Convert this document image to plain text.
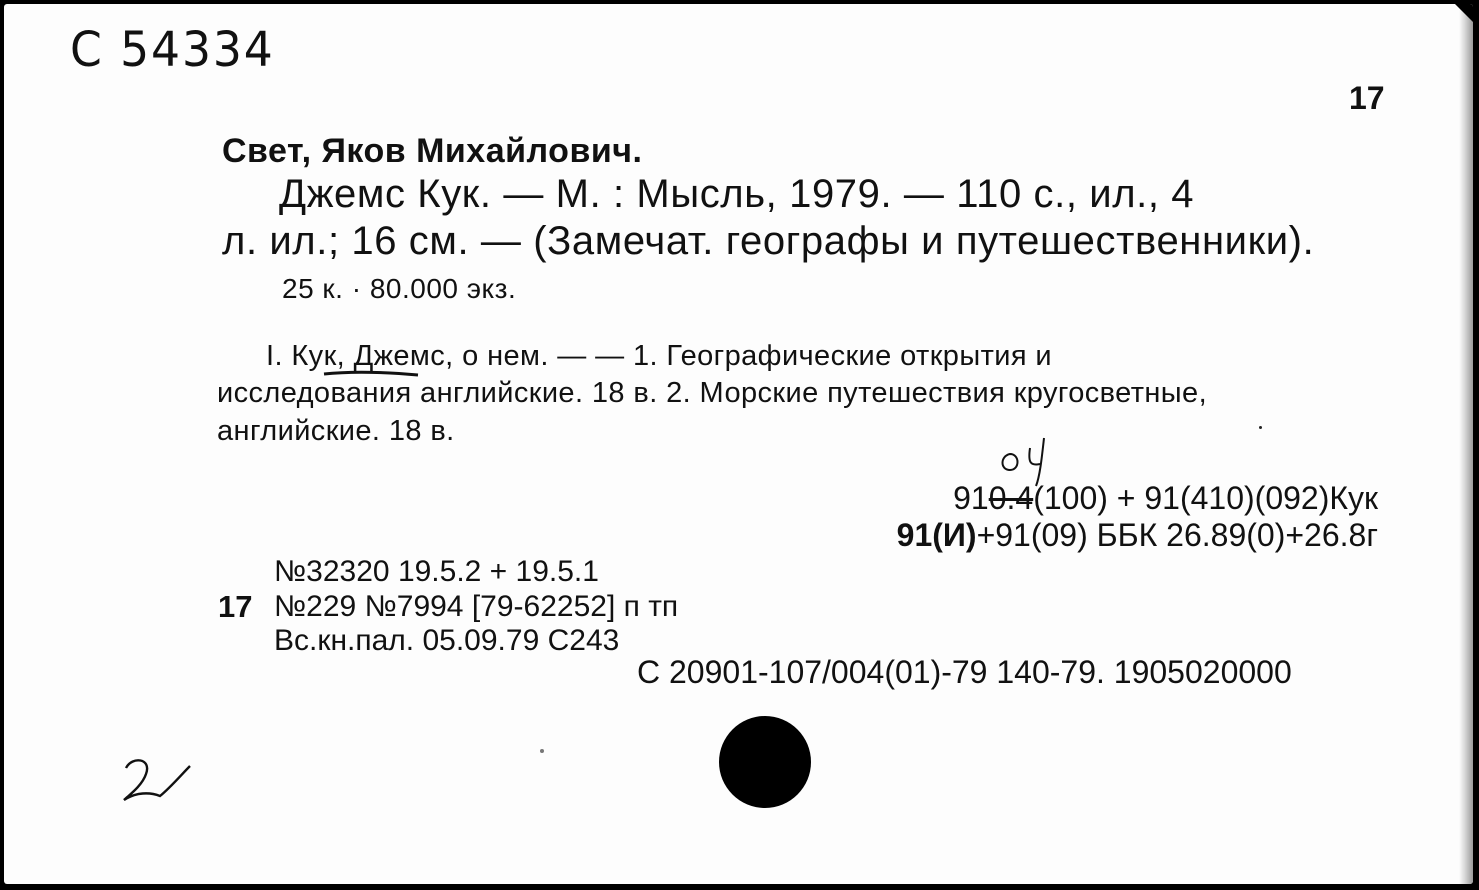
С 54334
17
Свет, Яков Михайлович.
Джемс Кук. — М. : Мысль, 1979. — 110 с., ил., 4
л. ил.; 16 см. — (Замечат. географы и путешественники).
25 к. · 80.000 экз.
I. Кук, Джемс, о нем. — — 1. Географические открытия и
исследования английские. 18 в. 2. Морские путешествия кругосветные,
английские. 18 в.
910.4(100) + 91(410)(092)Кук
91(И)+91(09) ББК 26.89(0)+26.8г
№32320 19.5.2 + 19.5.1
17 №229 №7994 [79-62252] п тп
Вс.кн.пал. 05.09.79 С243
С 20901-107/004(01)-79 140-79. 1905020000
